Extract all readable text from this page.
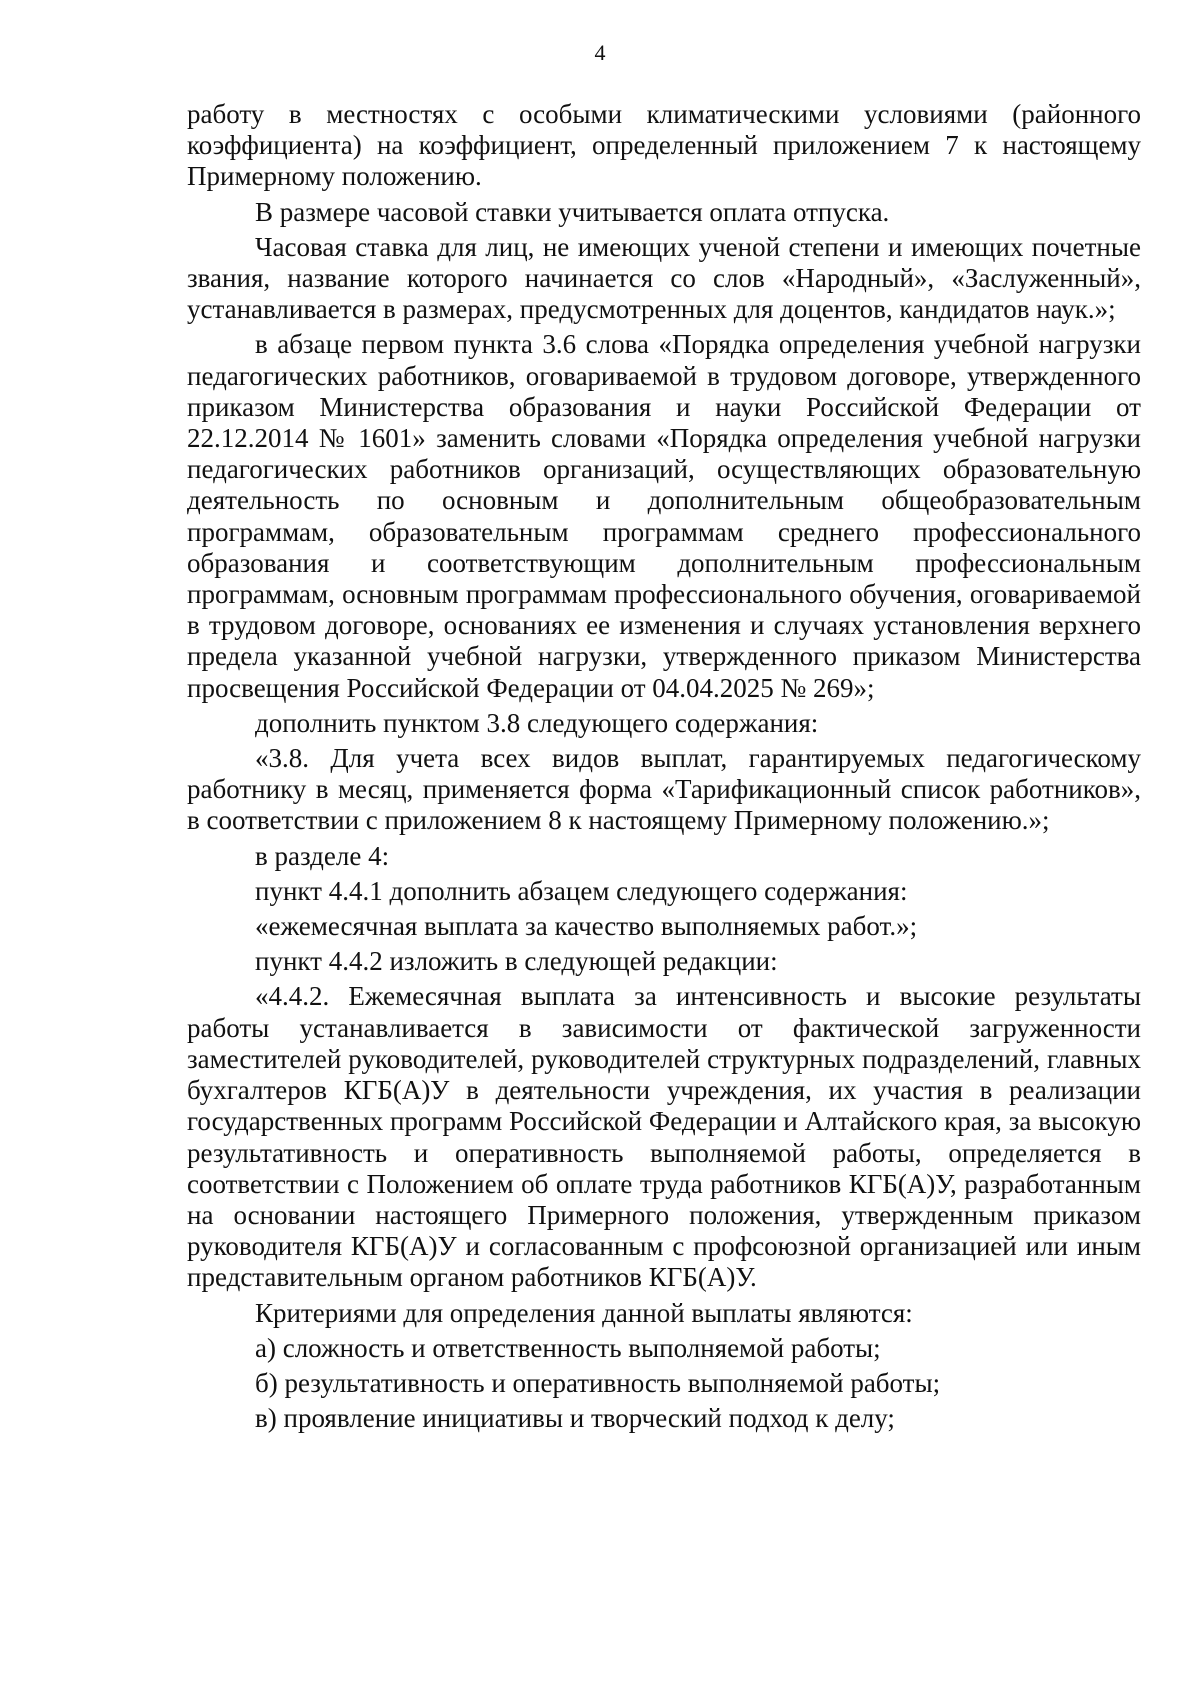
4

работу в местностях с особыми климатическими условиями (районного коэффициента) на коэффициент, определенный приложением 7 к настоящему Примерному положению.

В размере часовой ставки учитывается оплата отпуска.

Часовая ставка для лиц, не имеющих ученой степени и имеющих почетные звания, название которого начинается со слов «Народный», «Заслуженный», устанавливается в размерах, предусмотренных для доцентов, кандидатов наук.»;

в абзаце первом пункта 3.6 слова «Порядка определения учебной нагрузки педагогических работников, оговариваемой в трудовом договоре, утвержденного приказом Министерства образования и науки Российской Федерации от 22.12.2014 № 1601» заменить словами «Порядка определения учебной нагрузки педагогических работников организаций, осуществляющих образовательную деятельность по основным и дополнительным общеобразовательным программам, образовательным программам среднего профессионального образования и соответствующим дополнительным профессиональным программам, основным программам профессионального обучения, оговариваемой в трудовом договоре, основаниях ее изменения и случаях установления верхнего предела указанной учебной нагрузки, утвержденного приказом Министерства просвещения Российской Федерации от 04.04.2025 № 269»;

дополнить пунктом 3.8 следующего содержания:

«3.8. Для учета всех видов выплат, гарантируемых педагогическому работнику в месяц, применяется форма «Тарификационный список работников», в соответствии с приложением 8 к настоящему Примерному положению.»;

в разделе 4:

пункт 4.4.1 дополнить абзацем следующего содержания:

«ежемесячная выплата за качество выполняемых работ.»;

пункт 4.4.2 изложить в следующей редакции:

«4.4.2. Ежемесячная выплата за интенсивность и высокие результаты работы устанавливается в зависимости от фактической загруженности заместителей руководителей, руководителей структурных подразделений, главных бухгалтеров КГБ(А)У в деятельности учреждения, их участия в реализации государственных программ Российской Федерации и Алтайского края, за высокую результативность и оперативность выполняемой работы, определяется в соответствии с Положением об оплате труда работников КГБ(А)У, разработанным на основании настоящего Примерного положения, утвержденным приказом руководителя КГБ(А)У и согласованным с профсоюзной организацией или иным представительным органом работников КГБ(А)У.

Критериями для определения данной выплаты являются:

а) сложность и ответственность выполняемой работы;

б) результативность и оперативность выполняемой работы;

в) проявление инициативы и творческий подход к делу;
